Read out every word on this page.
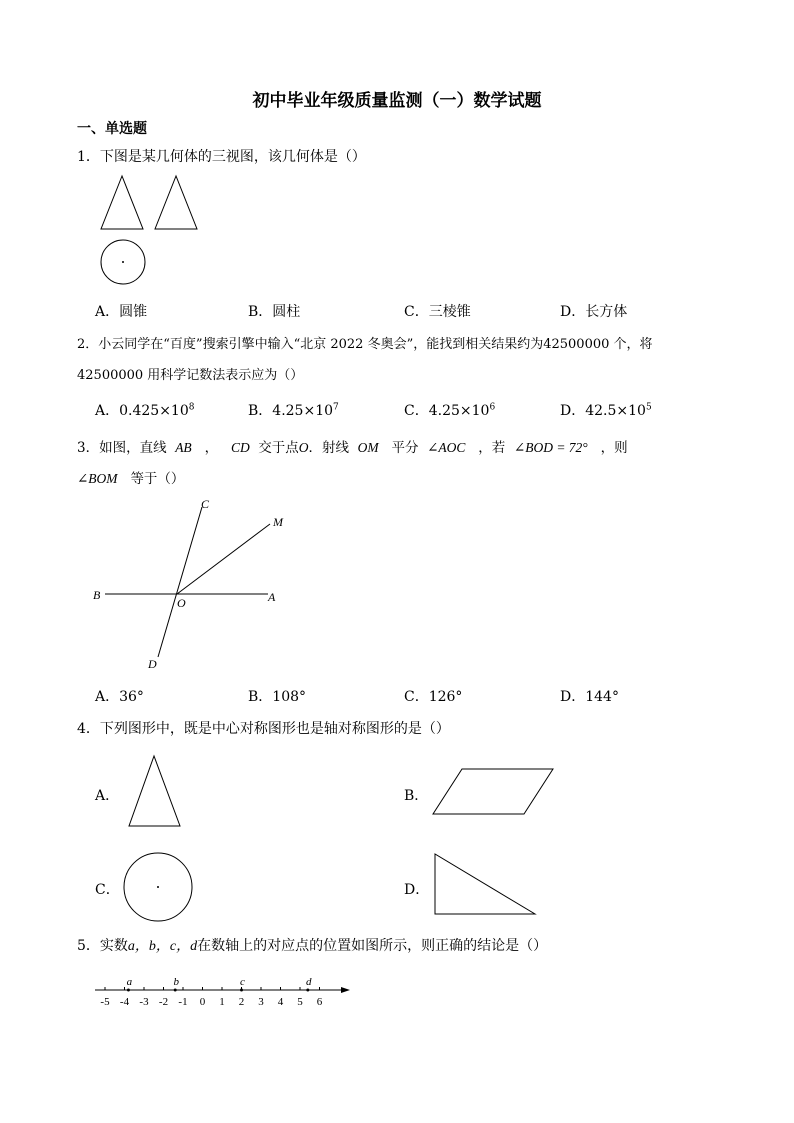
初中毕业年级质量监测（一）数学试题
一、单选题
1．下图是某几何体的三视图，该几何体是（）
A．圆锥	B．圆柱	C．三棱锥	D．长方体
2．小云同学在“百度”搜索引擎中输入“北京 2022 冬奥会”，能找到相关结果约为42500000 个，将
42500000 用科学记数法表示应为（）
A．$0.425\times 10^8$	B．$4.25\times 10^7$	C．$4.25\times 10^6$	D．$42.5\times 10^5$
3．如图，直线 AB ， CD 交于点O．射线 OM 平分 ∠AOC ，若 ∠BOD = 72° ，则
∠BOM 等于（）
C
M
B
O	A
D
A．36°	B．108°	C．126°	D．144°
4．下列图形中，既是中心对称图形也是轴对称图形的是（）
A．	B．
C．	D．
5．实数a，b，c，d在数轴上的对应点的位置如图所示，则正确的结论是（）
-5 -4 -3 -2 -1 0 1 2 3 4 5 6
a	b	c	d
